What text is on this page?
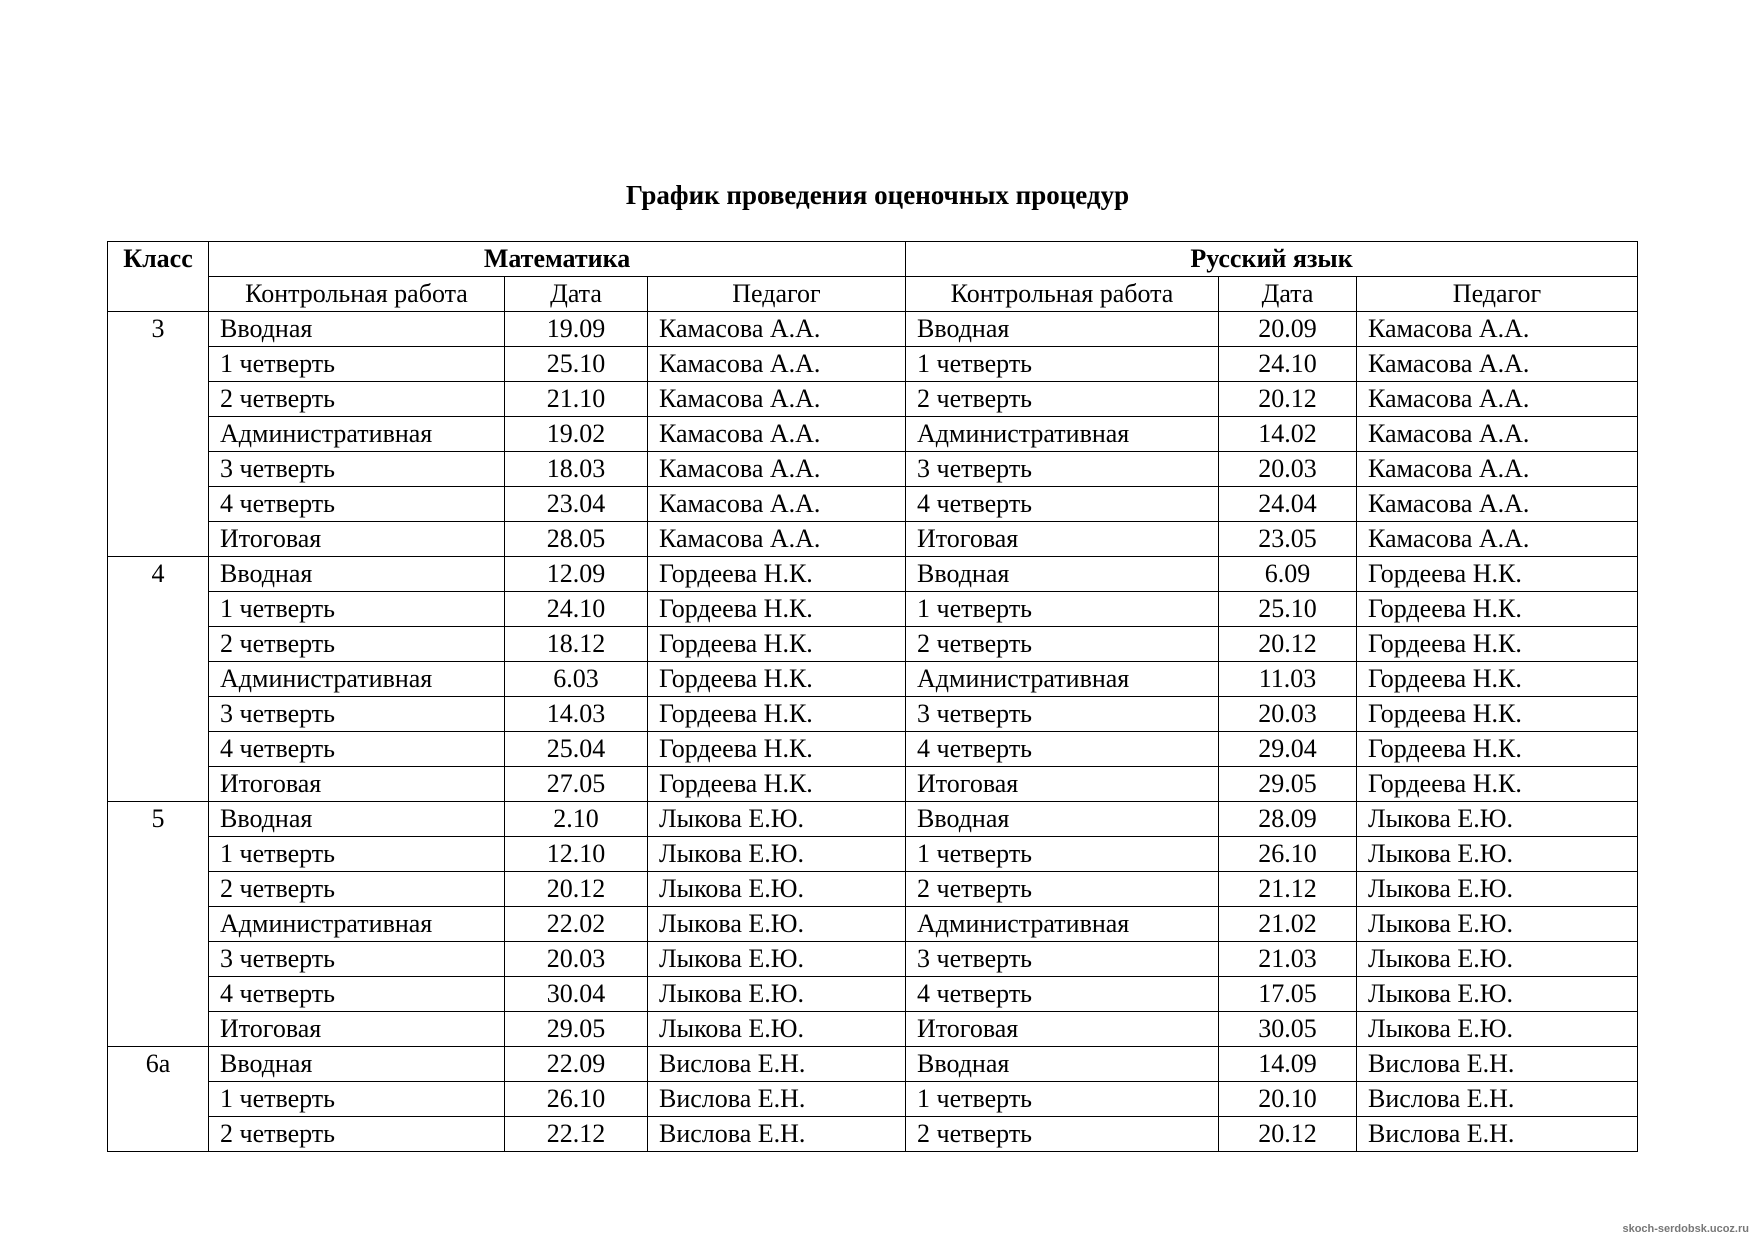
График проведения оценочных процедур
Класс	Математика			Русский язык		
	Контрольная работа	Дата	Педагог	Контрольная работа	Дата	Педагог
3	Вводная	19.09	Камасова А.А.	Вводная	20.09	Камасова А.А.
	1 четверть	25.10	Камасова А.А.	1 четверть	24.10	Камасова А.А.
	2 четверть	21.10	Камасова А.А.	2 четверть	20.12	Камасова А.А.
	Административная	19.02	Камасова А.А.	Административная	14.02	Камасова А.А.
	3 четверть	18.03	Камасова А.А.	3 четверть	20.03	Камасова А.А.
	4 четверть	23.04	Камасова А.А.	4 четверть	24.04	Камасова А.А.
	Итоговая	28.05	Камасова А.А.	Итоговая	23.05	Камасова А.А.
4	Вводная	12.09	Гордеева Н.К.	Вводная	6.09	Гордеева Н.К.
	1 четверть	24.10	Гордеева Н.К.	1 четверть	25.10	Гордеева Н.К.
	2 четверть	18.12	Гордеева Н.К.	2 четверть	20.12	Гордеева Н.К.
	Административная	6.03	Гордеева Н.К.	Административная	11.03	Гордеева Н.К.
	3 четверть	14.03	Гордеева Н.К.	3 четверть	20.03	Гордеева Н.К.
	4 четверть	25.04	Гордеева Н.К.	4 четверть	29.04	Гордеева Н.К.
	Итоговая	27.05	Гордеева Н.К.	Итоговая	29.05	Гордеева Н.К.
5	Вводная	2.10	Лыкова Е.Ю.	Вводная	28.09	Лыкова Е.Ю.
	1 четверть	12.10	Лыкова Е.Ю.	1 четверть	26.10	Лыкова Е.Ю.
	2 четверть	20.12	Лыкова Е.Ю.	2 четверть	21.12	Лыкова Е.Ю.
	Административная	22.02	Лыкова Е.Ю.	Административная	21.02	Лыкова Е.Ю.
	3 четверть	20.03	Лыкова Е.Ю.	3 четверть	21.03	Лыкова Е.Ю.
	4 четверть	30.04	Лыкова Е.Ю.	4 четверть	17.05	Лыкова Е.Ю.
	Итоговая	29.05	Лыкова Е.Ю.	Итоговая	30.05	Лыкова Е.Ю.
6а	Вводная	22.09	Вислова Е.Н.	Вводная	14.09	Вислова Е.Н.
	1 четверть	26.10	Вислова Е.Н.	1 четверть	20.10	Вислова Е.Н.
	2 четверть	22.12	Вислова Е.Н.	2 четверть	20.12	Вислова Е.Н.
skoch-serdobsk.ucoz.ru
